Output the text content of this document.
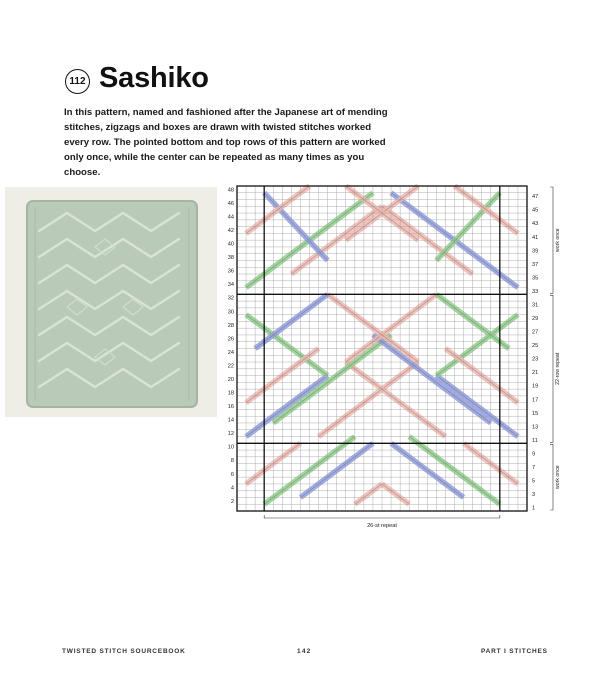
112 Sashiko

In this pattern, named and fashioned after the Japanese art of mending stitches, zigzags and boxes are drawn with twisted stitches worked every row. The pointed bottom and top rows of this pattern are worked only once, while the center can be repeated as many times as you choose.

48
46
44
42
40
38
36
34
32
30
28
26
24
22
20
18
16
14
12
10
8
6
4
2
47
45
43
41
39
37
35
33
31
29
27
25
23
21
19
17
15
13
11
9
7
5
3
1
work once
22-row repeat
work once
26-st repeat
TWISTED STITCH SOURCEBOOK	142	PART I STITCHES
